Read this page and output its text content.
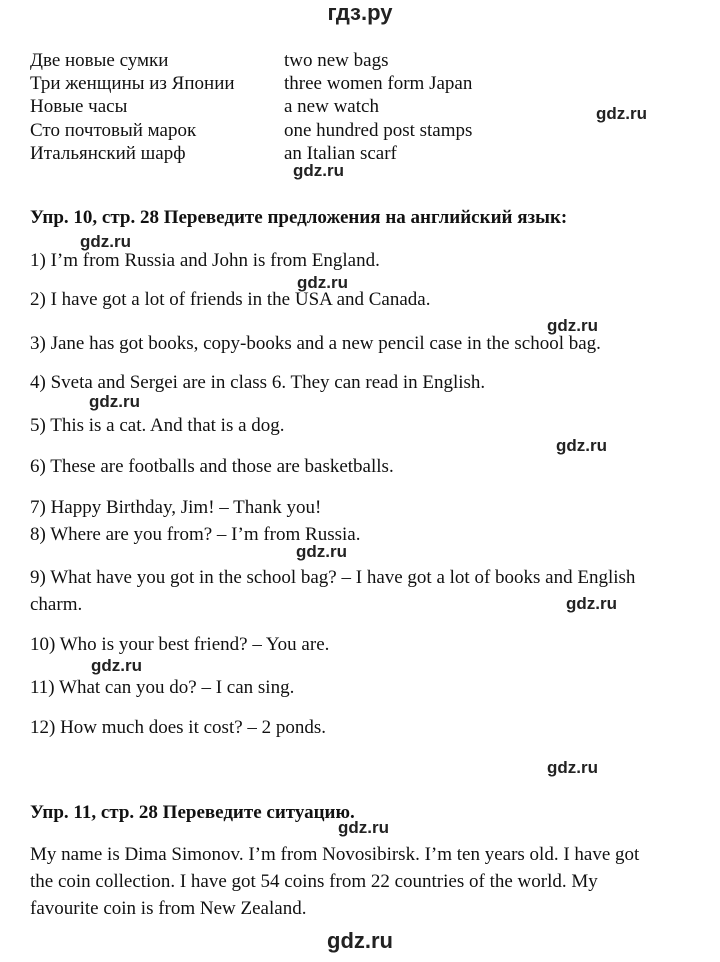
гдз.ру
gdz.ru
gdz.ru
gdz.ru
gdz.ru
gdz.ru
gdz.ru
gdz.ru
gdz.ru
gdz.ru
gdz.ru
gdz.ru
gdz.ru
gdz.ru
Две новые сумки	two new bags
Три женщины из Японии	three women form Japan
Новые часы	a new watch
Сто почтовый марок	one hundred post stamps
Итальянский шарф	an Italian scarf
Упр. 10, стр. 28 Переведите предложения на английский язык:
1) I’m from Russia and John is from England.
2) I have got a lot of friends in the USA and Canada.
3) Jane has got books, copy-books and a new pencil case in the school bag.
4) Sveta and Sergei are in class 6. They can read in English.
5) This is a cat. And that is a dog.
6) These are footballs and those are basketballs.
7) Happy Birthday, Jim! – Thank you!
8) Where are you from? – I’m from Russia.
9) What have you got in the school bag? – I have got a lot of books and English
charm.
10) Who is your best friend? – You are.
11) What can you do? – I can sing.
12) How much does it cost? – 2 ponds.
Упр. 11, стр. 28 Переведите ситуацию.
My name is Dima Simonov. I’m from Novosibirsk. I’m ten years old. I have got
the coin collection. I have got 54 coins from 22 countries of the world. My
favourite coin is from New Zealand.
